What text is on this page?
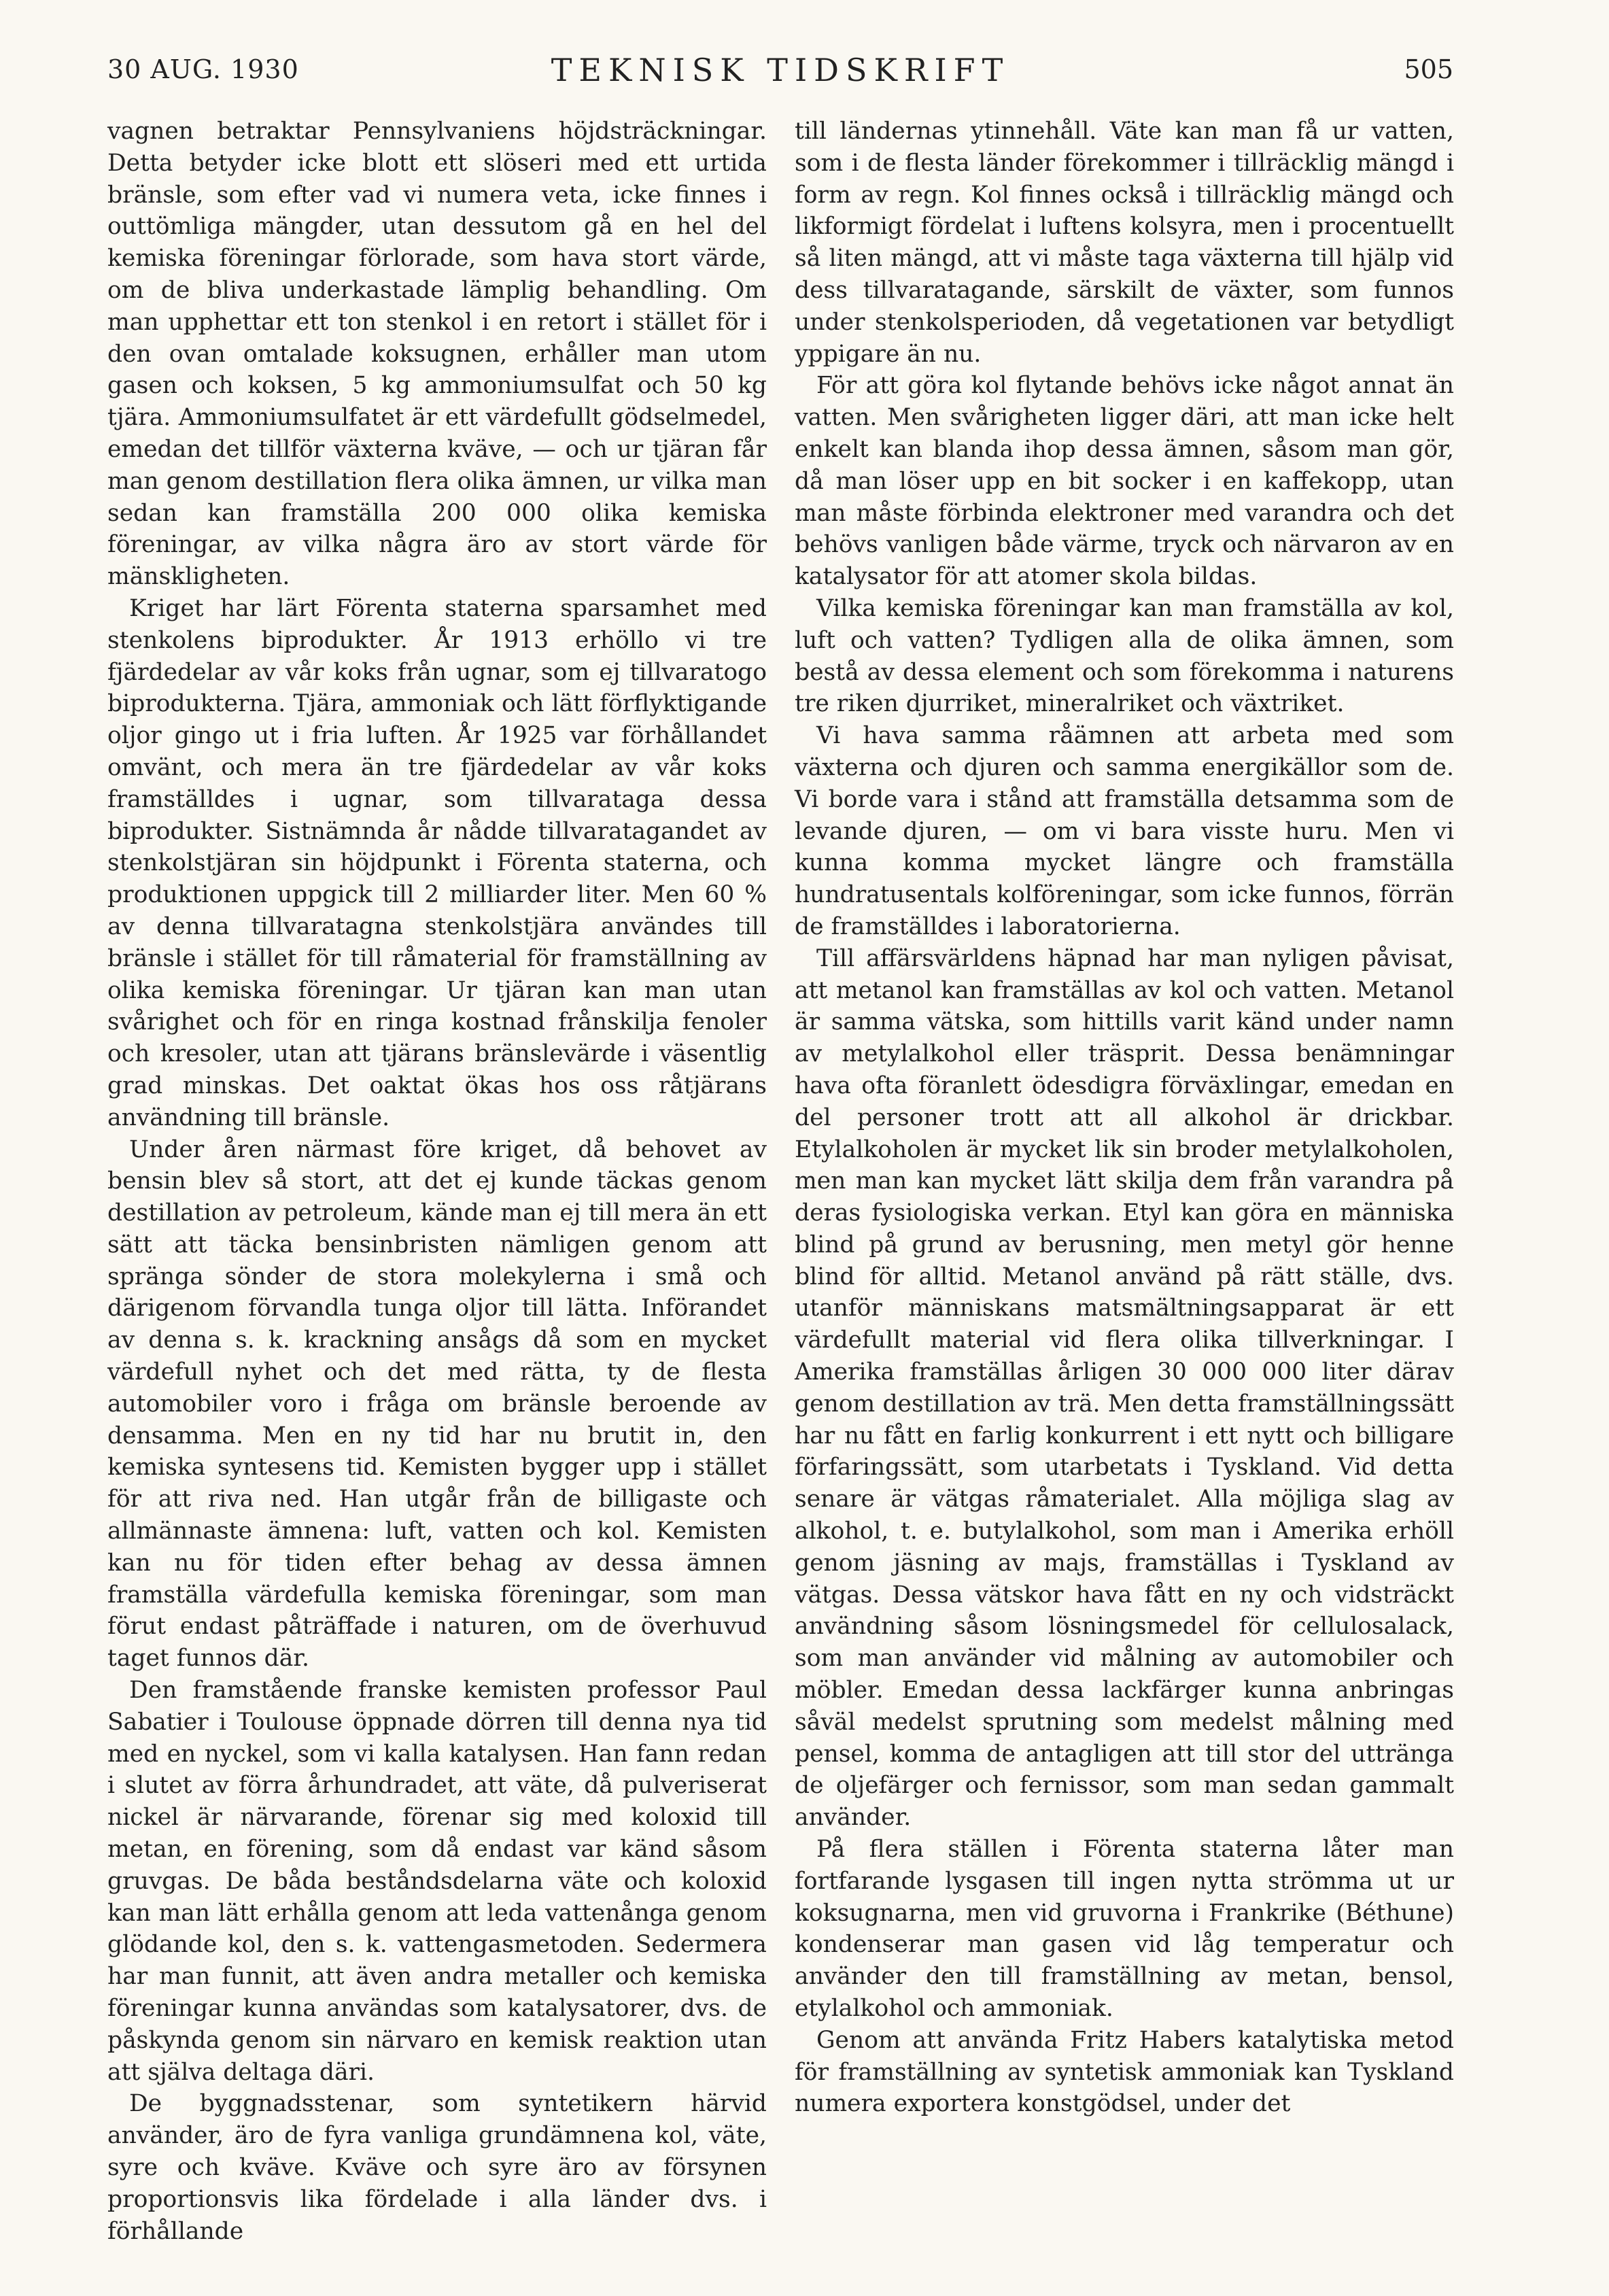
30 AUG. 1930	TEKNISK TIDSKRIFT	505

vagnen betraktar Pennsylvaniens höjdsträckningar. Detta betyder icke blott ett slöseri med ett urtida bränsle, som efter vad vi numera veta, icke finnes i outtömliga mängder, utan dessutom gå en hel del kemiska föreningar förlorade, som hava stort värde, om de bliva underkastade lämplig behandling. Om man upphettar ett ton stenkol i en retort i stället för i den ovan omtalade koksugnen, erhåller man utom gasen och koksen, 5 kg ammoniumsulfat och 50 kg tjära. Ammoniumsulfatet är ett värdefullt gödselmedel, emedan det tillför växterna kväve, — och ur tjäran får man genom destillation flera olika ämnen, ur vilka man sedan kan framställa 200 000 olika kemiska föreningar, av vilka några äro av stort värde för mänskligheten.

Kriget har lärt Förenta staterna sparsamhet med stenkolens biprodukter. År 1913 erhöllo vi tre fjärdedelar av vår koks från ugnar, som ej tillvaratogo biprodukterna. Tjära, ammoniak och lätt förflyktigande oljor gingo ut i fria luften. År 1925 var förhållandet omvänt, och mera än tre fjärdedelar av vår koks framställdes i ugnar, som tillvarataga dessa biprodukter. Sistnämnda år nådde tillvaratagandet av stenkolstjäran sin höjdpunkt i Förenta staterna, och produktionen uppgick till 2 milliarder liter. Men 60 % av denna tillvaratagna stenkolstjära användes till bränsle i stället för till råmaterial för framställning av olika kemiska föreningar. Ur tjäran kan man utan svårighet och för en ringa kostnad frånskilja fenoler och kresoler, utan att tjärans bränslevärde i väsentlig grad minskas. Det oaktat ökas hos oss råtjärans användning till bränsle.

Under åren närmast före kriget, då behovet av bensin blev så stort, att det ej kunde täckas genom destillation av petroleum, kände man ej till mera än ett sätt att täcka bensinbristen nämligen genom att spränga sönder de stora molekylerna i små och därigenom förvandla tunga oljor till lätta. Införandet av denna s. k. krackning ansågs då som en mycket värdefull nyhet och det med rätta, ty de flesta automobiler voro i fråga om bränsle beroende av densamma. Men en ny tid har nu brutit in, den kemiska syntesens tid. Kemisten bygger upp i stället för att riva ned. Han utgår från de billigaste och allmännaste ämnena: luft, vatten och kol. Kemisten kan nu för tiden efter behag av dessa ämnen framställa värdefulla kemiska föreningar, som man förut endast påträffade i naturen, om de överhuvud taget funnos där.

Den framstående franske kemisten professor Paul Sabatier i Toulouse öppnade dörren till denna nya tid med en nyckel, som vi kalla katalysen. Han fann redan i slutet av förra århundradet, att väte, då pulveriserat nickel är närvarande, förenar sig med koloxid till metan, en förening, som då endast var känd såsom gruvgas. De båda beståndsdelarna väte och koloxid kan man lätt erhålla genom att leda vattenånga genom glödande kol, den s. k. vattengasmetoden. Sedermera har man funnit, att även andra metaller och kemiska föreningar kunna användas som katalysatorer, dvs. de påskynda genom sin närvaro en kemisk reaktion utan att själva deltaga däri.

De byggnadsstenar, som syntetikern härvid använder, äro de fyra vanliga grundämnena kol, väte, syre och kväve. Kväve och syre äro av försynen proportionsvis lika fördelade i alla länder dvs. i förhållande

till ländernas ytinnehåll. Väte kan man få ur vatten, som i de flesta länder förekommer i tillräcklig mängd i form av regn. Kol finnes också i tillräcklig mängd och likformigt fördelat i luftens kolsyra, men i procentuellt så liten mängd, att vi måste taga växterna till hjälp vid dess tillvaratagande, särskilt de växter, som funnos under stenkolsperioden, då vegetationen var betydligt yppigare än nu.

För att göra kol flytande behövs icke något annat än vatten. Men svårigheten ligger däri, att man icke helt enkelt kan blanda ihop dessa ämnen, såsom man gör, då man löser upp en bit socker i en kaffekopp, utan man måste förbinda elektroner med varandra och det behövs vanligen både värme, tryck och närvaron av en katalysator för att atomer skola bildas.

Vilka kemiska föreningar kan man framställa av kol, luft och vatten? Tydligen alla de olika ämnen, som bestå av dessa element och som förekomma i naturens tre riken djurriket, mineralriket och växtriket.

Vi hava samma råämnen att arbeta med som växterna och djuren och samma energikällor som de. Vi borde vara i stånd att framställa detsamma som de levande djuren, — om vi bara visste huru. Men vi kunna komma mycket längre och framställa hundratusentals kolföreningar, som icke funnos, förrän de framställdes i laboratorierna.

Till affärsvärldens häpnad har man nyligen påvisat, att metanol kan framställas av kol och vatten. Metanol är samma vätska, som hittills varit känd under namn av metylalkohol eller träsprit. Dessa benämningar hava ofta föranlett ödesdigra förväxlingar, emedan en del personer trott att all alkohol är drickbar. Etylalkoholen är mycket lik sin broder metylalkoholen, men man kan mycket lätt skilja dem från varandra på deras fysiologiska verkan. Etyl kan göra en människa blind på grund av berusning, men metyl gör henne blind för alltid. Metanol använd på rätt ställe, dvs. utanför människans matsmältningsapparat är ett värdefullt material vid flera olika tillverkningar. I Amerika framställas årligen 30 000 000 liter därav genom destillation av trä. Men detta framställningssätt har nu fått en farlig konkurrent i ett nytt och billigare förfaringssätt, som utarbetats i Tyskland. Vid detta senare är vätgas råmaterialet. Alla möjliga slag av alkohol, t. e. butylalkohol, som man i Amerika erhöll genom jäsning av majs, framställas i Tyskland av vätgas. Dessa vätskor hava fått en ny och vidsträckt användning såsom lösningsmedel för cellulosalack, som man använder vid målning av automobiler och möbler. Emedan dessa lackfärger kunna anbringas såväl medelst sprutning som medelst målning med pensel, komma de antagligen att till stor del uttränga de oljefärger och fernissor, som man sedan gammalt använder.

På flera ställen i Förenta staterna låter man fortfarande lysgasen till ingen nytta strömma ut ur koksugnarna, men vid gruvorna i Frankrike (Béthune) kondenserar man gasen vid låg temperatur och använder den till framställning av metan, bensol, etylalkohol och ammoniak.

Genom att använda Fritz Habers katalytiska metod för framställning av syntetisk ammoniak kan Tyskland numera exportera konstgödsel, under det
